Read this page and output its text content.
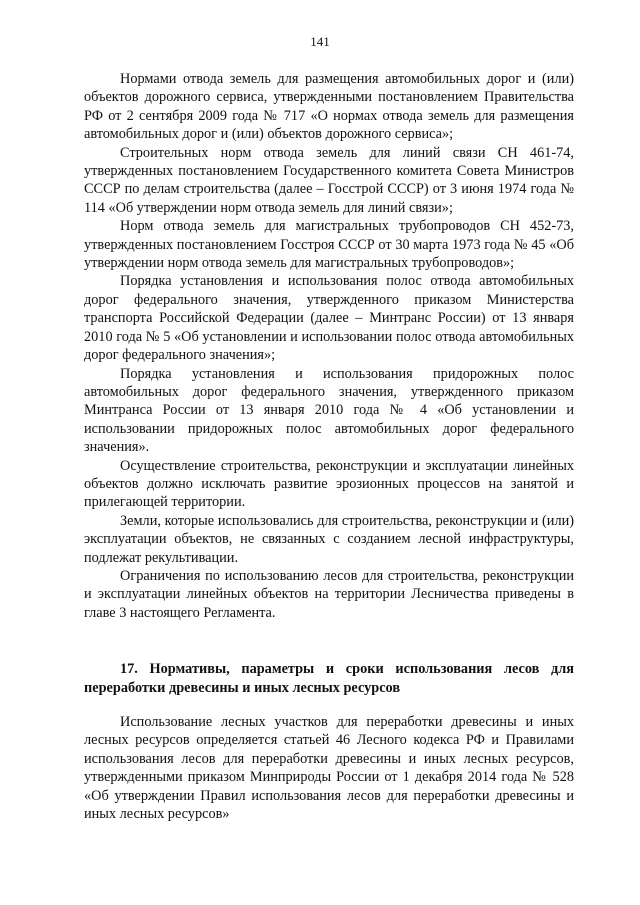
141

Нормами отвода земель для размещения автомобильных дорог и (или) объектов дорожного сервиса, утвержденными постановлением Правительства РФ от 2 сентября 2009 года № 717 «О нормах отвода земель для размещения автомобильных дорог и (или) объектов дорожного сервиса»;

Строительных норм отвода земель для линий связи СН 461-74, утвержденных постановлением Государственного комитета Совета Министров СССР по делам строительства (далее – Госстрой СССР) от 3 июня 1974 года № 114 «Об утверждении норм отвода земель для линий связи»;

Норм отвода земель для магистральных трубопроводов СН 452-73, утвержденных постановлением Госстроя СССР от 30 марта 1973 года № 45 «Об утверждении норм отвода земель для магистральных трубопроводов»;

Порядка установления и использования полос отвода автомобильных дорог федерального значения, утвержденного приказом Министерства транспорта Российской Федерации (далее – Минтранс России) от 13 января 2010 года № 5 «Об установлении и использовании полос отвода автомобильных дорог федерального значения»;

Порядка установления и использования придорожных полос автомобильных дорог федерального значения, утвержденного приказом Минтранса России от 13 января 2010 года № 4 «Об установлении и использовании придорожных полос автомобильных дорог федерального значения».

Осуществление строительства, реконструкции и эксплуатации линейных объектов должно исключать развитие эрозионных процессов на занятой и прилегающей территории.

Земли, которые использовались для строительства, реконструкции и (или) эксплуатации объектов, не связанных с созданием лесной инфраструктуры, подлежат рекультивации.

Ограничения по использованию лесов для строительства, реконструкции и эксплуатации линейных объектов на территории Лесничества приведены в главе 3 настоящего Регламента.

17. Нормативы, параметры и сроки использования лесов для переработки древесины и иных лесных ресурсов

Использование лесных участков для переработки древесины и иных лесных ресурсов определяется статьей 46 Лесного кодекса РФ и Правилами использования лесов для переработки древесины и иных лесных ресурсов, утвержденными приказом Минприроды России от 1 декабря 2014 года № 528 «Об утверждении Правил использования лесов для переработки древесины и иных лесных ресурсов»
